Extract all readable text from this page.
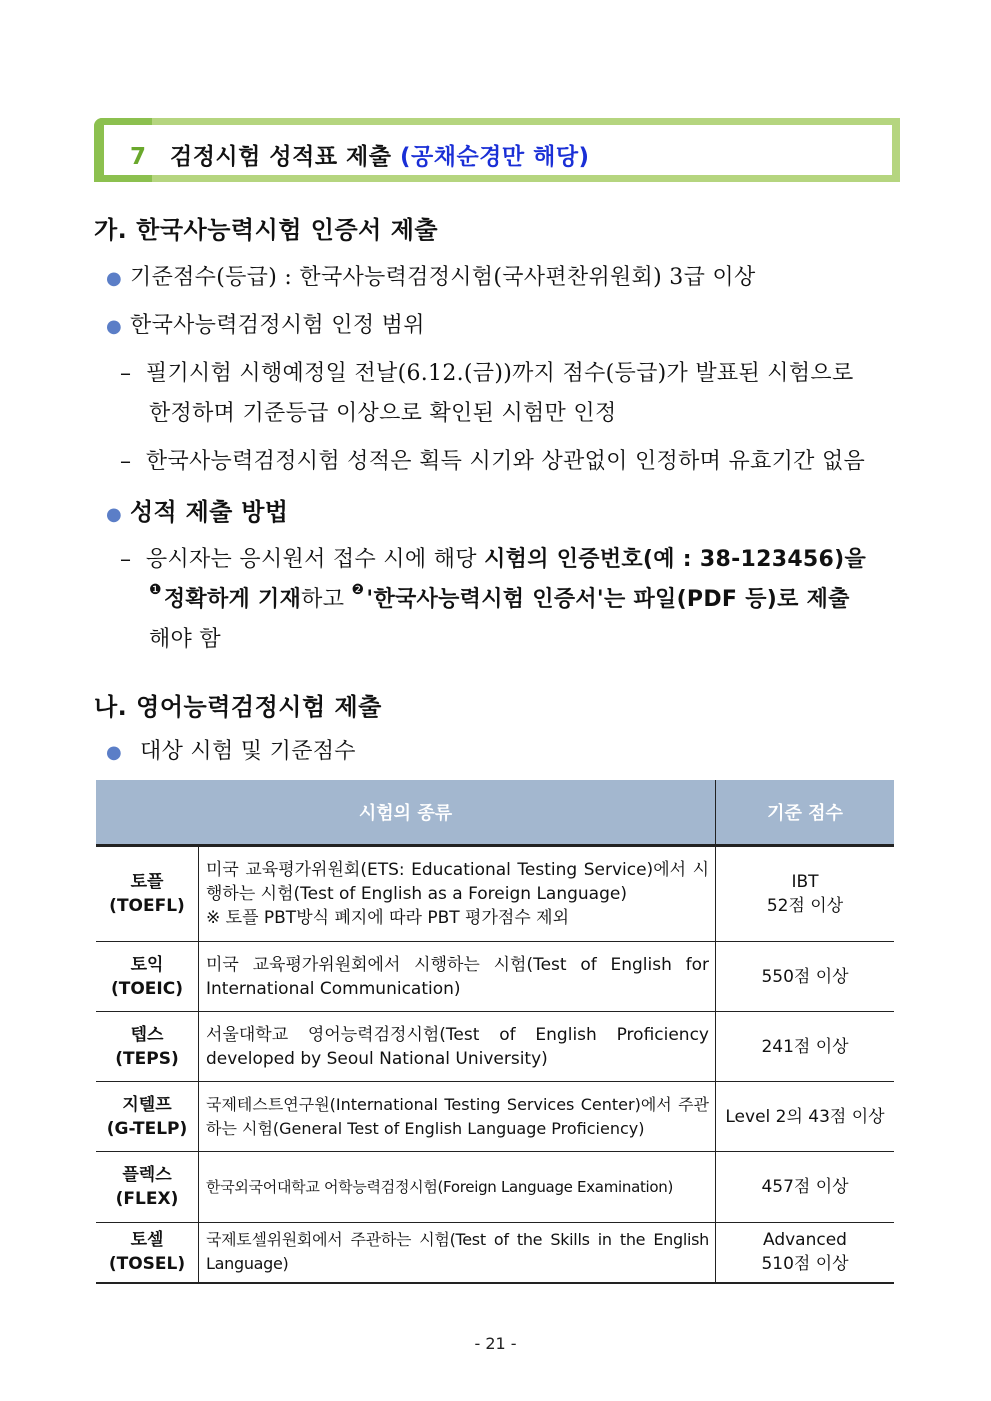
7 검정시험 성적표 제출 (공채순경만 해당)
가. 한국사능력시험 인증서 제출
● 기준점수(등급) : 한국사능력검정시험(국사편찬위원회) 3급 이상
● 한국사능력검정시험 인정 범위
– 필기시험 시행예정일 전날(6.12.(금))까지 점수(등급)가 발표된 시험으로
한정하며 기준등급 이상으로 확인된 시험만 인정
– 한국사능력검정시험 성적은 획득 시기와 상관없이 인정하며 유효기간 없음
● 성적 제출 방법
– 응시자는 응시원서 접수 시에 해당 시험의 인증번호(예 : 38-123456)을
❶정확하게 기재하고 ❷'한국사능력시험 인증서'는 파일(PDF 등)로 제출
해야 함
나. 영어능력검정시험 제출
● 대상 시험 및 기준점수
시험의 종류		기준 점수

토플
(TOEFL)	미국 교육평가위원회(ETS: Educational Testing Service)에서 시행하는 시험(Test of English as a Foreign Language)
※ 토플 PBT방식 폐지에 따라 PBT 평가점수 제외	IBT
52점 이상
토익
(TOEIC)	미국 교육평가위원회에서 시행하는 시험(Test of English for International Communication)	550점 이상
텝스
(TEPS)	서울대학교 영어능력검정시험(Test of English Proficiency developed by Seoul National University)	241점 이상
지텔프
(G-TELP)	국제테스트연구원(International Testing Services Center)에서 주관하는 시험(General Test of English Language Proficiency)	Level 2의 43점 이상
플렉스
(FLEX)	한국외국어대학교 어학능력검정시험(Foreign Language Examination)	457점 이상
토셀
(TOSEL)	국제토셀위원회에서 주관하는 시험(Test of the Skills in the English Language)	Advanced
510점 이상
- 21 -
